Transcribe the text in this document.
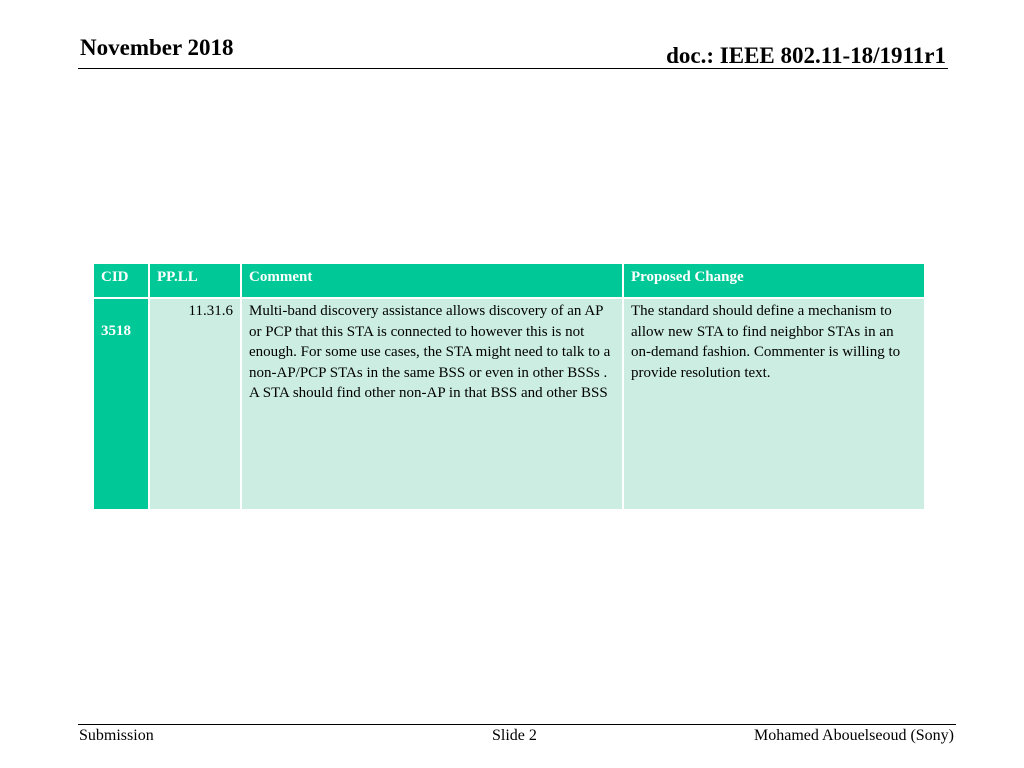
November 2018	doc.: IEEE 802.11-18/1911r1
CID	PP.LL	Comment	Proposed Change
3518	11.31.6	Multi-band discovery assistance allows discovery of an AP or PCP that this STA is connected to however this is not enough. For some use cases, the STA might need to talk to a non-AP/PCP STAs in the same BSS or even in other BSSs . A STA should find other non-AP in that BSS and other BSS	The standard should define a mechanism to allow new STA to find neighbor STAs in an on-demand fashion. Commenter is willing to provide resolution text.
Submission	Slide 2	Mohamed Abouelseoud (Sony)
